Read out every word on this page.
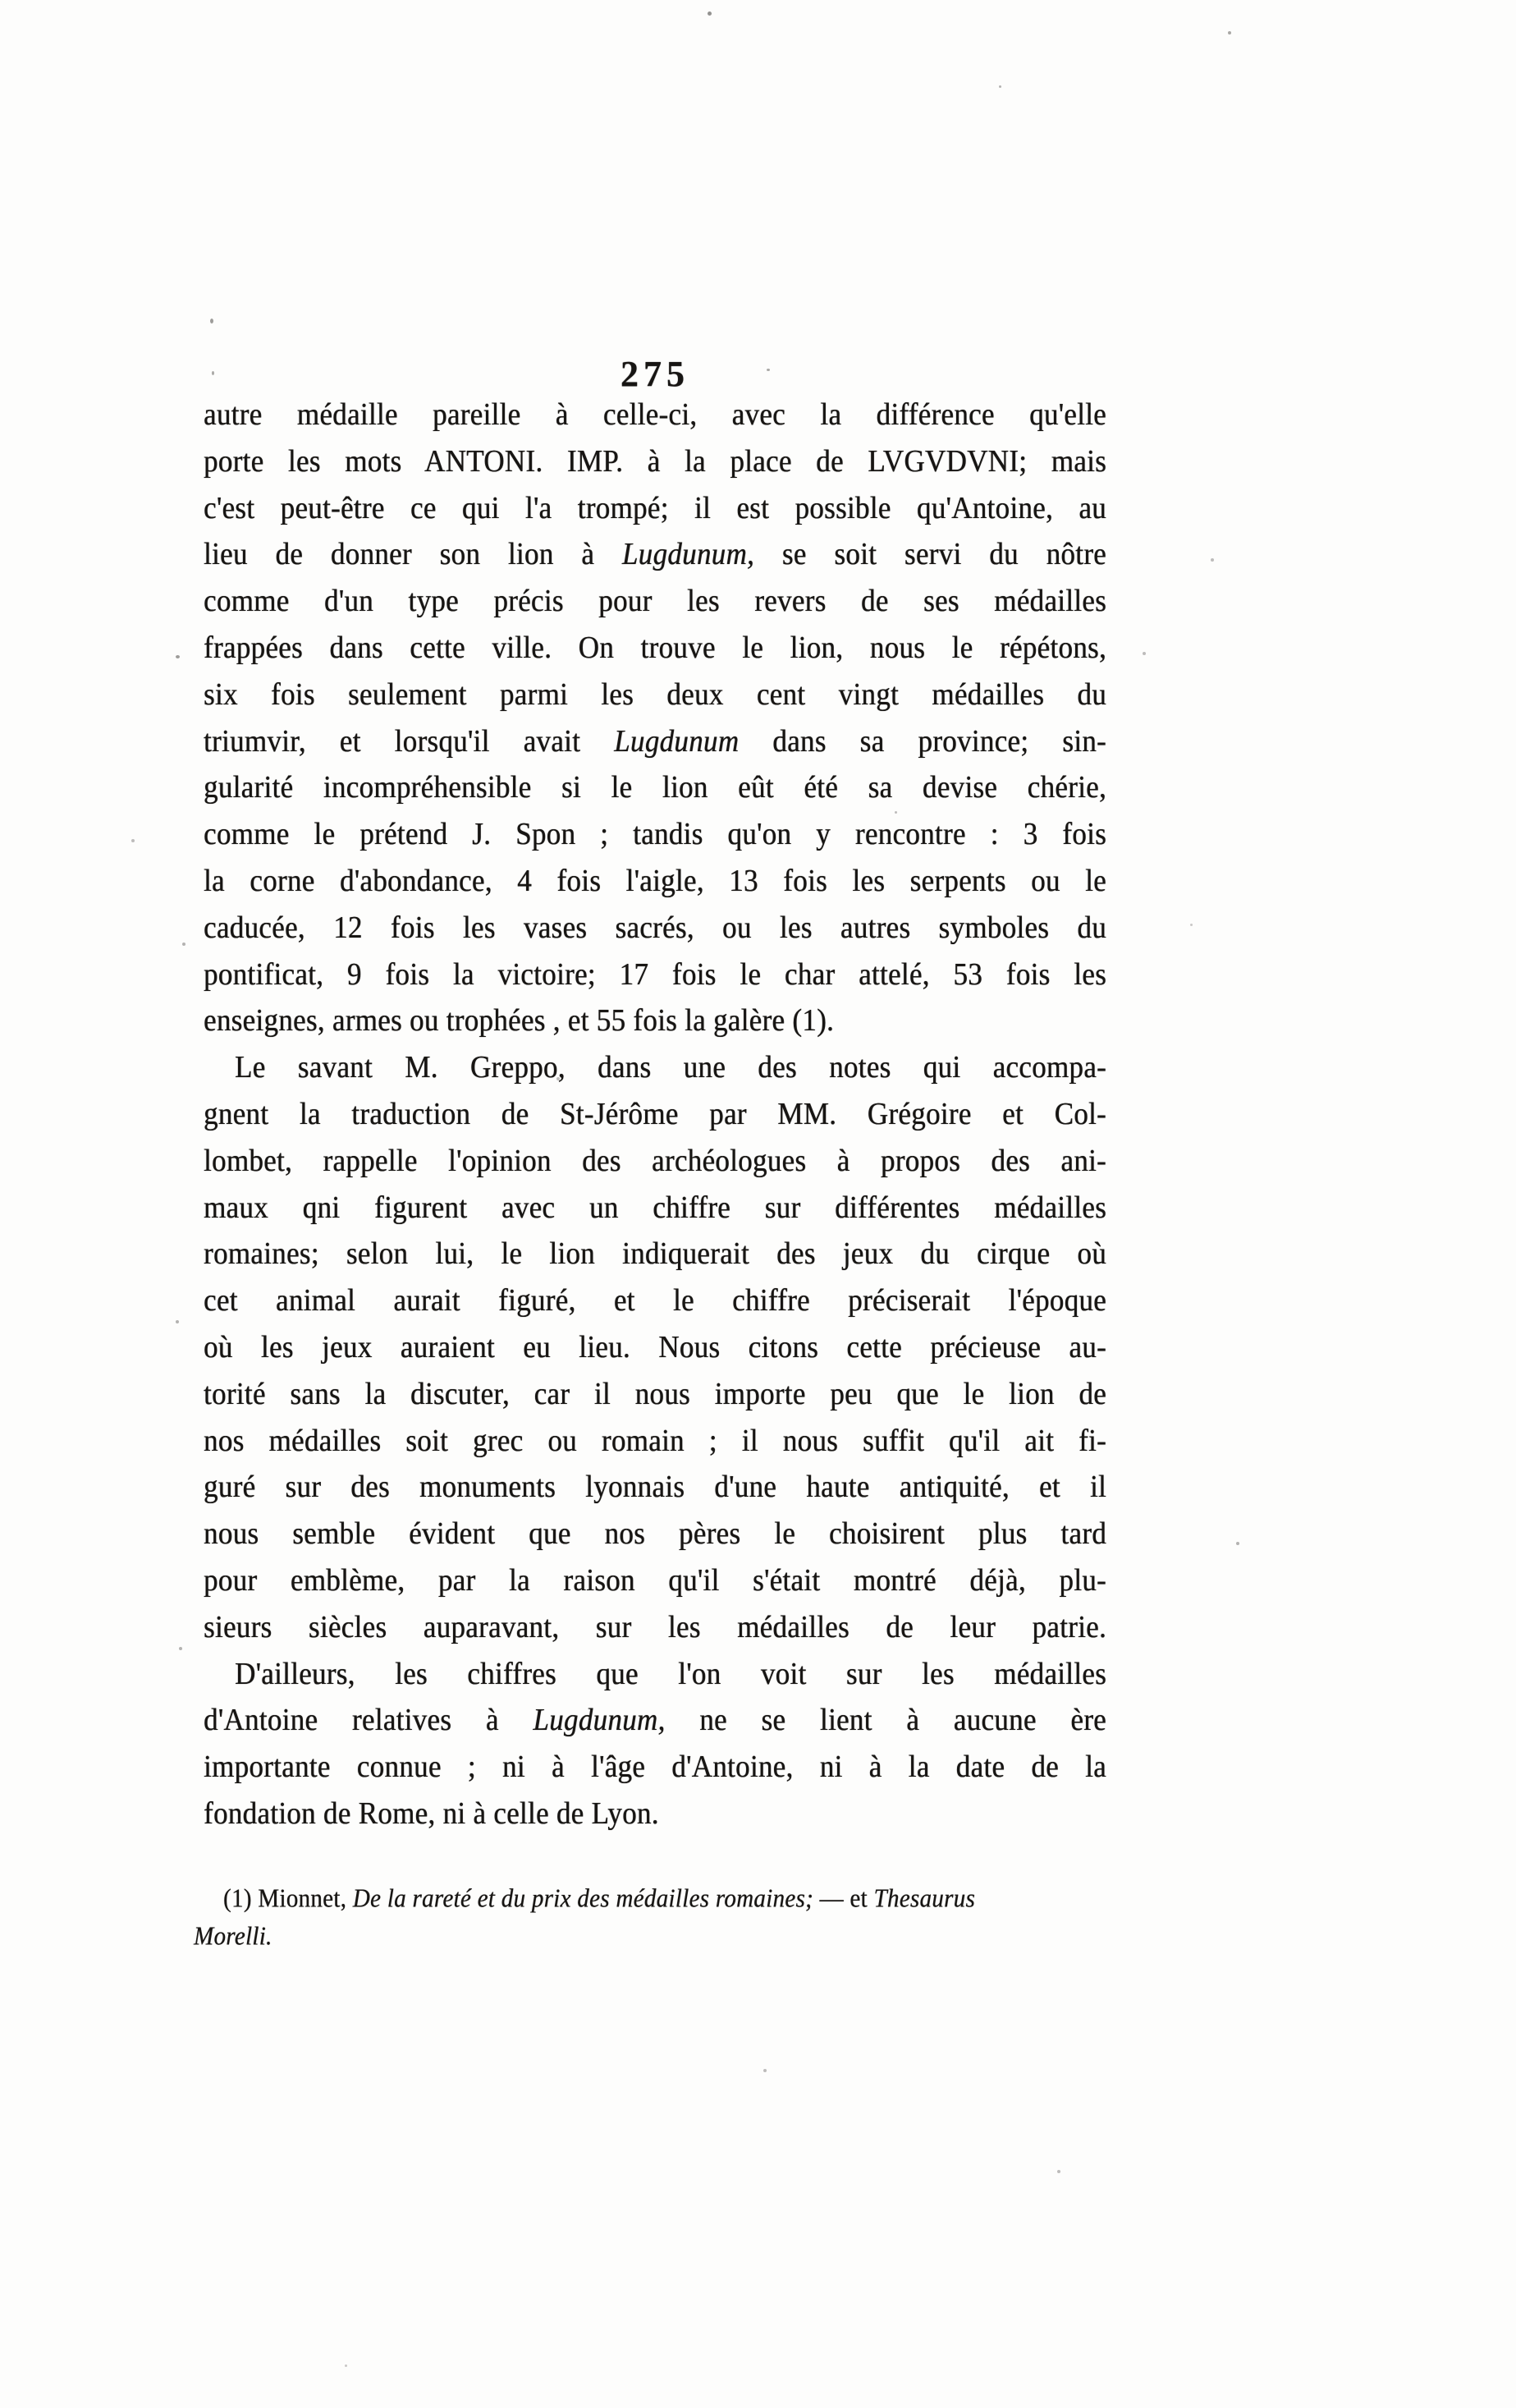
275
autre médaille pareille à celle-ci, avec la différence qu'elle
porte les mots ANTONI. IMP. à la place de LVGVDVNI; mais
c'est peut-être ce qui l'a trompé; il est possible qu'Antoine, au
lieu de donner son lion à Lugdunum, se soit servi du nôtre
comme d'un type précis pour les revers de ses médailles
frappées dans cette ville. On trouve le lion, nous le répétons,
six fois seulement parmi les deux cent vingt médailles du
triumvir, et lorsqu'il avait Lugdunum dans sa province; sin-
gularité incompréhensible si le lion eût été sa devise chérie,
comme le prétend J. Spon ; tandis qu'on y rencontre : 3 fois
la corne d'abondance, 4 fois l'aigle, 13 fois les serpents ou le
caducée, 12 fois les vases sacrés, ou les autres symboles du
pontificat, 9 fois la victoire; 17 fois le char attelé, 53 fois les
enseignes, armes ou trophées , et 55 fois la galère (1).
Le savant M. Greppo, dans une des notes qui accompa-
gnent la traduction de St-Jérôme par MM. Grégoire et Col-
lombet, rappelle l'opinion des archéologues à propos des ani-
maux qni figurent avec un chiffre sur différentes médailles
romaines; selon lui, le lion indiquerait des jeux du cirque où
cet animal aurait figuré, et le chiffre préciserait l'époque
où les jeux auraient eu lieu. Nous citons cette précieuse au-
torité sans la discuter, car il nous importe peu que le lion de
nos médailles soit grec ou romain ; il nous suffit qu'il ait fi-
guré sur des monuments lyonnais d'une haute antiquité, et il
nous semble évident que nos pères le choisirent plus tard
pour emblème, par la raison qu'il s'était montré déjà, plu-
sieurs siècles auparavant, sur les médailles de leur patrie.
D'ailleurs, les chiffres que l'on voit sur les médailles
d'Antoine relatives à Lugdunum, ne se lient à aucune ère
importante connue ; ni à l'âge d'Antoine, ni à la date de la
fondation de Rome, ni à celle de Lyon.
(1) Mionnet, De la rareté et du prix des médailles romaines; — et Thesaurus
Morelli.
